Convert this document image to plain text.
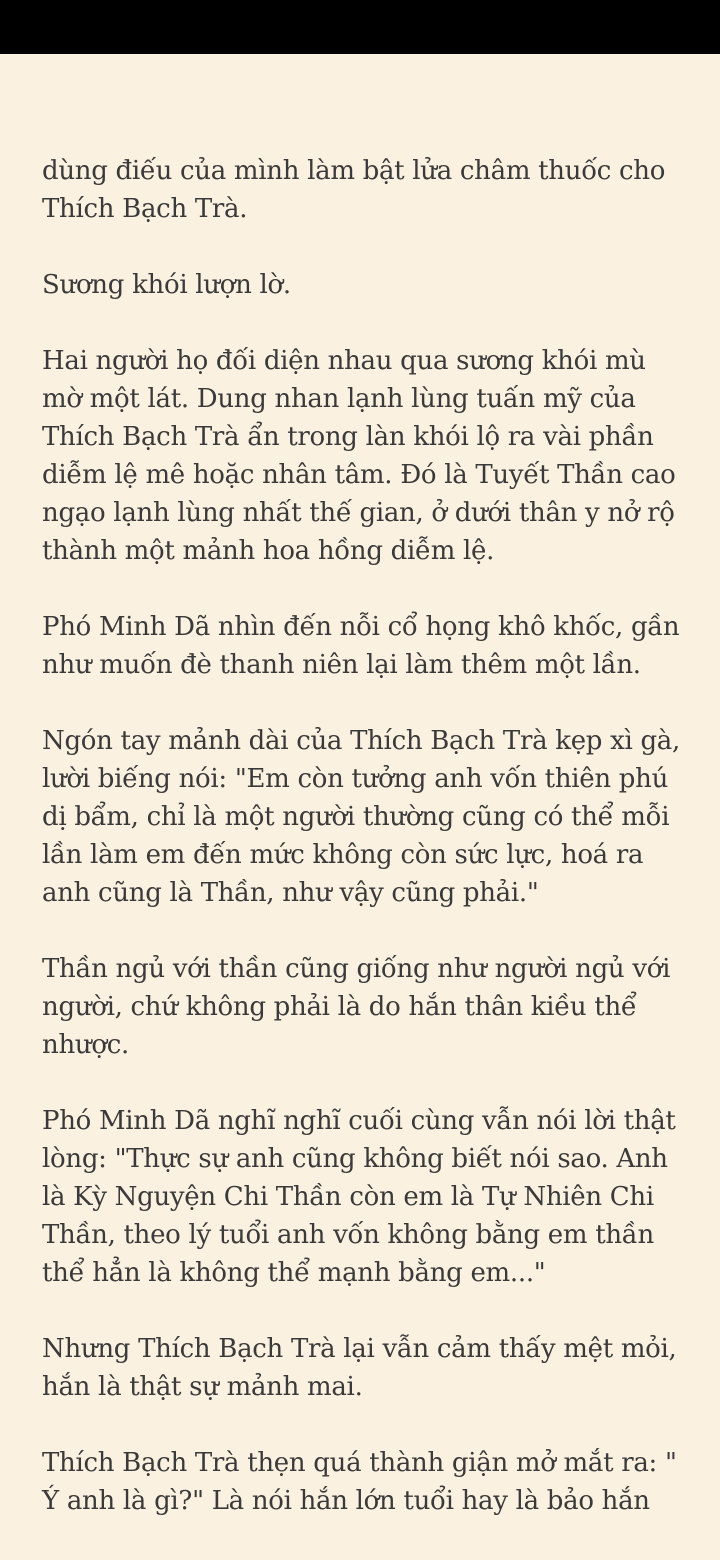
dùng điếu của mình làm bật lửa châm thuốc cho
Thích Bạch Trà.

Sương khói lượn lờ.

Hai người họ đối diện nhau qua sương khói mù
mờ một lát. Dung nhan lạnh lùng tuấn mỹ của
Thích Bạch Trà ẩn trong làn khói lộ ra vài phần
diễm lệ mê hoặc nhân tâm. Đó là Tuyết Thần cao
ngạo lạnh lùng nhất thế gian, ở dưới thân y nở rộ
thành một mảnh hoa hồng diễm lệ.

Phó Minh Dã nhìn đến nỗi cổ họng khô khốc, gần
như muốn đè thanh niên lại làm thêm một lần.

Ngón tay mảnh dài của Thích Bạch Trà kẹp xì gà,
lười biếng nói: "Em còn tưởng anh vốn thiên phú
dị bẩm, chỉ là một người thường cũng có thể mỗi
lần làm em đến mức không còn sức lực, hoá ra
anh cũng là Thần, như vậy cũng phải."

Thần ngủ với thần cũng giống như người ngủ với
người, chứ không phải là do hắn thân kiều thể
nhược.

Phó Minh Dã nghĩ nghĩ cuối cùng vẫn nói lời thật
lòng: "Thực sự anh cũng không biết nói sao. Anh
là Kỳ Nguyện Chi Thần còn em là Tự Nhiên Chi
Thần, theo lý tuổi anh vốn không bằng em thần
thể hẳn là không thể mạnh bằng em..."

Nhưng Thích Bạch Trà lại vẫn cảm thấy mệt mỏi,
hắn là thật sự mảnh mai.

Thích Bạch Trà thẹn quá thành giận mở mắt ra: "
Ý anh là gì?" Là nói hắn lớn tuổi hay là bảo hắn
